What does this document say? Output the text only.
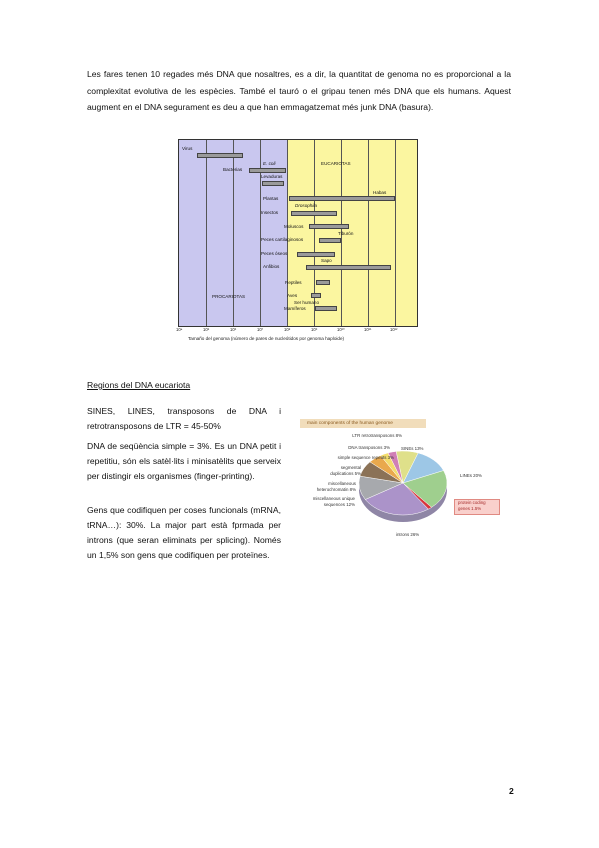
Les fares tenen 10 regades més DNA que nosaltres, es a dir, la quantitat de genoma no es proporcional a la complexitat evolutiva de les espècies. També el tauró o el gripau tenen més DNA que els humans. Aquest augment en el DNA segurament es deu a que han emmagatzemat més junk DNA (basura).

Virus
E. coli	EUCARIOTAS
Bacterias
Levaduras
Habas
Plantas
Drosophila
Insectos
Moluscos
Tiburón
Peces cartilaginosos
Peces óseos
Sapo
Anfibios
Reptiles
Aves
Ser humano
Mamíferos
PROCARIOTAS
10⁴	10⁵	10⁶	10⁷	10⁸	10⁹	10¹⁰	10¹¹	10¹²
Tamaño del genoma (número de pares de nucleótidos por genoma haploide)
Regions del DNA eucariota

SINES, LINES, transposons de DNA i retrotransposons de LTR = 45-50%

DNA de seqüència simple = 3%. Es un DNA petit i repetitiu, són els satèl·lits i minisatèlits que serveix per distingir els organismes (finger-printing).

Gens que codifiquen per coses funcionals (mRNA, tRNA…): 30%. La major part està fprmada per introns (que seran eliminats per splicing). Només un 1,5% son gens que codifiquen per proteïnes.

main components of the human genome
LTR retrotransposons 8%
DNA transposons 3%
simple sequence repeats 3%
segmental duplications 5%
miscellaneous heterochromatin 8%
miscellaneous unique sequences 12%
SINEs 13%
LINEs 20%
protein coding genes 1.5%
introns 26%
2
